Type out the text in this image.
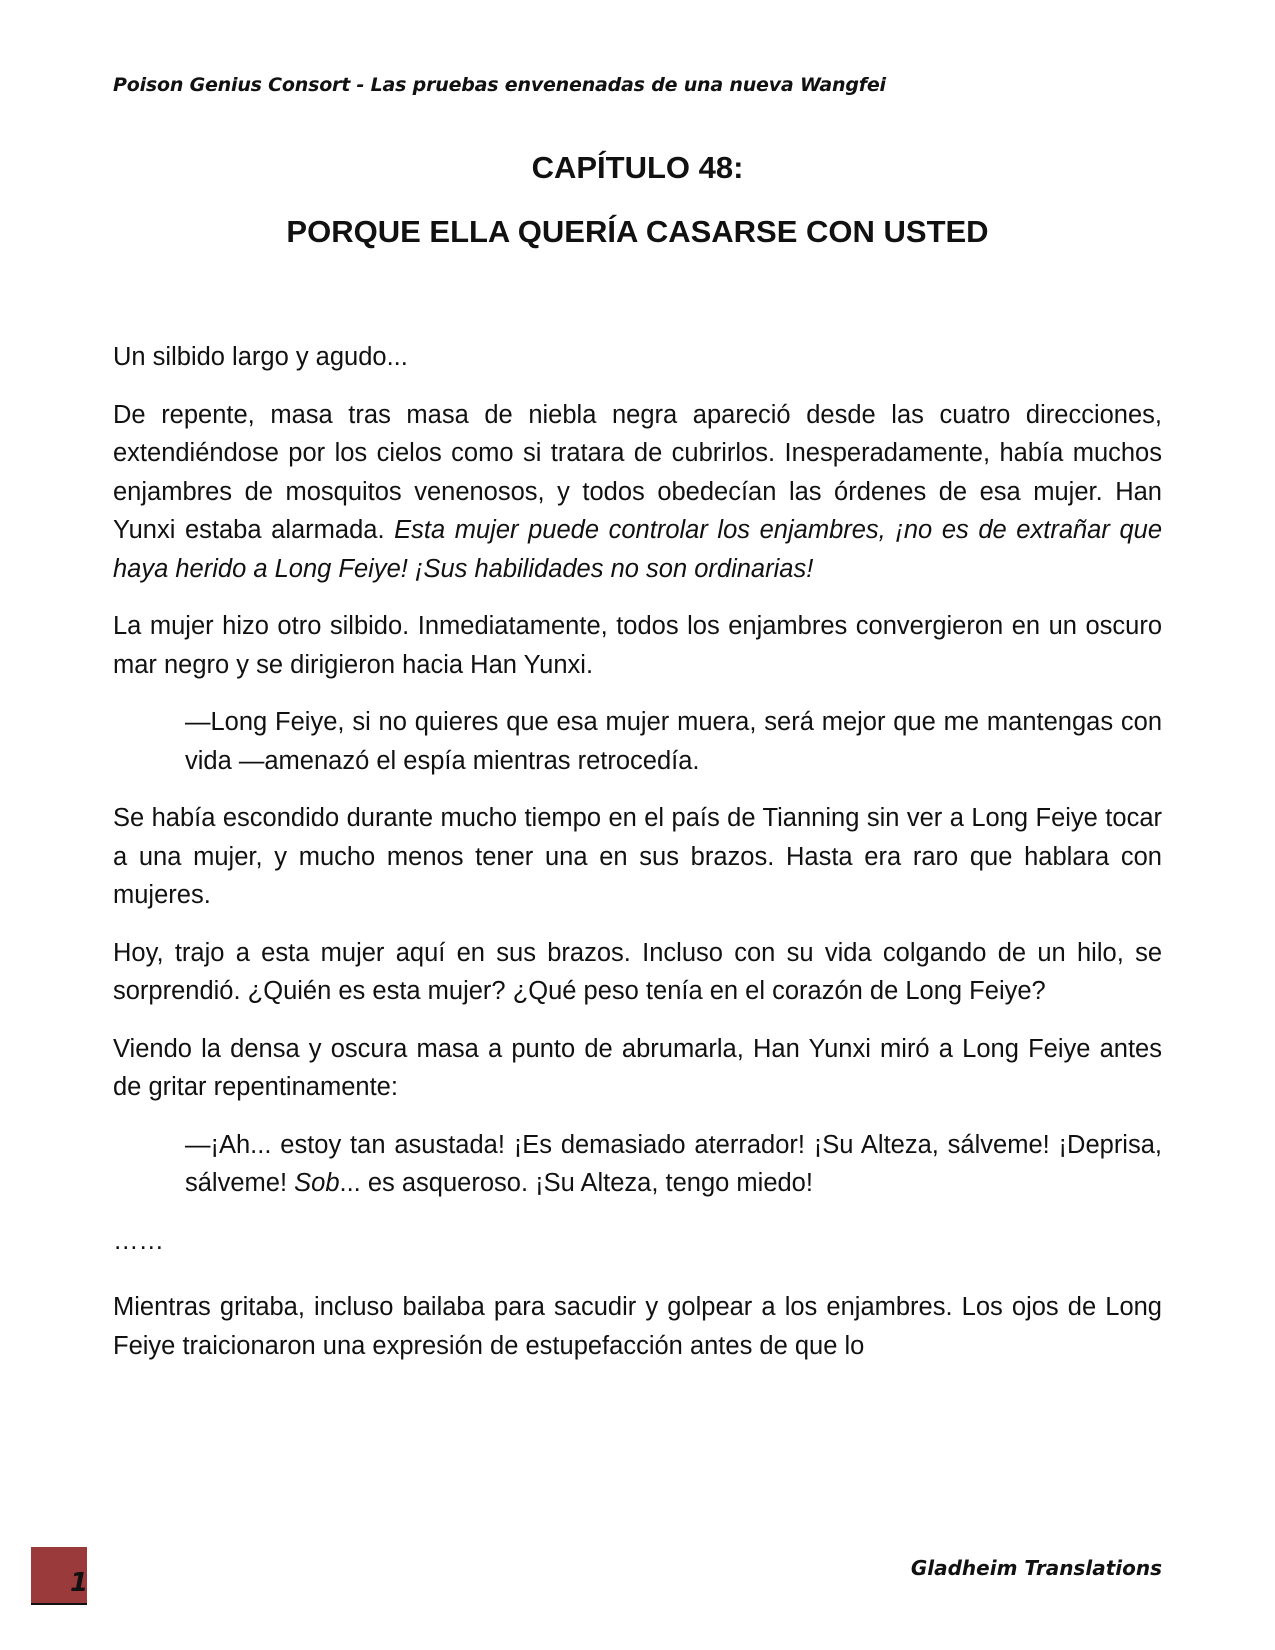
Poison Genius Consort - Las pruebas envenenadas de una nueva Wangfei
CAPÍTULO 48:
PORQUE ELLA QUERÍA CASARSE CON USTED

Un silbido largo y agudo...

De repente, masa tras masa de niebla negra apareció desde las cuatro direcciones, extendiéndose por los cielos como si tratara de cubrirlos. Inesperadamente, había muchos enjambres de mosquitos venenosos, y todos obedecían las órdenes de esa mujer. Han Yunxi estaba alarmada. Esta mujer puede controlar los enjambres, ¡no es de extrañar que haya herido a Long Feiye! ¡Sus habilidades no son ordinarias!

La mujer hizo otro silbido. Inmediatamente, todos los enjambres convergieron en un oscuro mar negro y se dirigieron hacia Han Yunxi.

—Long Feiye, si no quieres que esa mujer muera, será mejor que me mantengas con vida —amenazó el espía mientras retrocedía.

Se había escondido durante mucho tiempo en el país de Tianning sin ver a Long Feiye tocar a una mujer, y mucho menos tener una en sus brazos. Hasta era raro que hablara con mujeres.

Hoy, trajo a esta mujer aquí en sus brazos. Incluso con su vida colgando de un hilo, se sorprendió. ¿Quién es esta mujer? ¿Qué peso tenía en el corazón de Long Feiye?

Viendo la densa y oscura masa a punto de abrumarla, Han Yunxi miró a Long Feiye antes de gritar repentinamente:

—¡Ah... estoy tan asustada! ¡Es demasiado aterrador! ¡Su Alteza, sálveme! ¡Deprisa, sálveme! Sob... es asqueroso. ¡Su Alteza, tengo miedo!

……

Mientras gritaba, incluso bailaba para sacudir y golpear a los enjambres. Los ojos de Long Feiye traicionaron una expresión de estupefacción antes de que lo

1	Gladheim Translations
